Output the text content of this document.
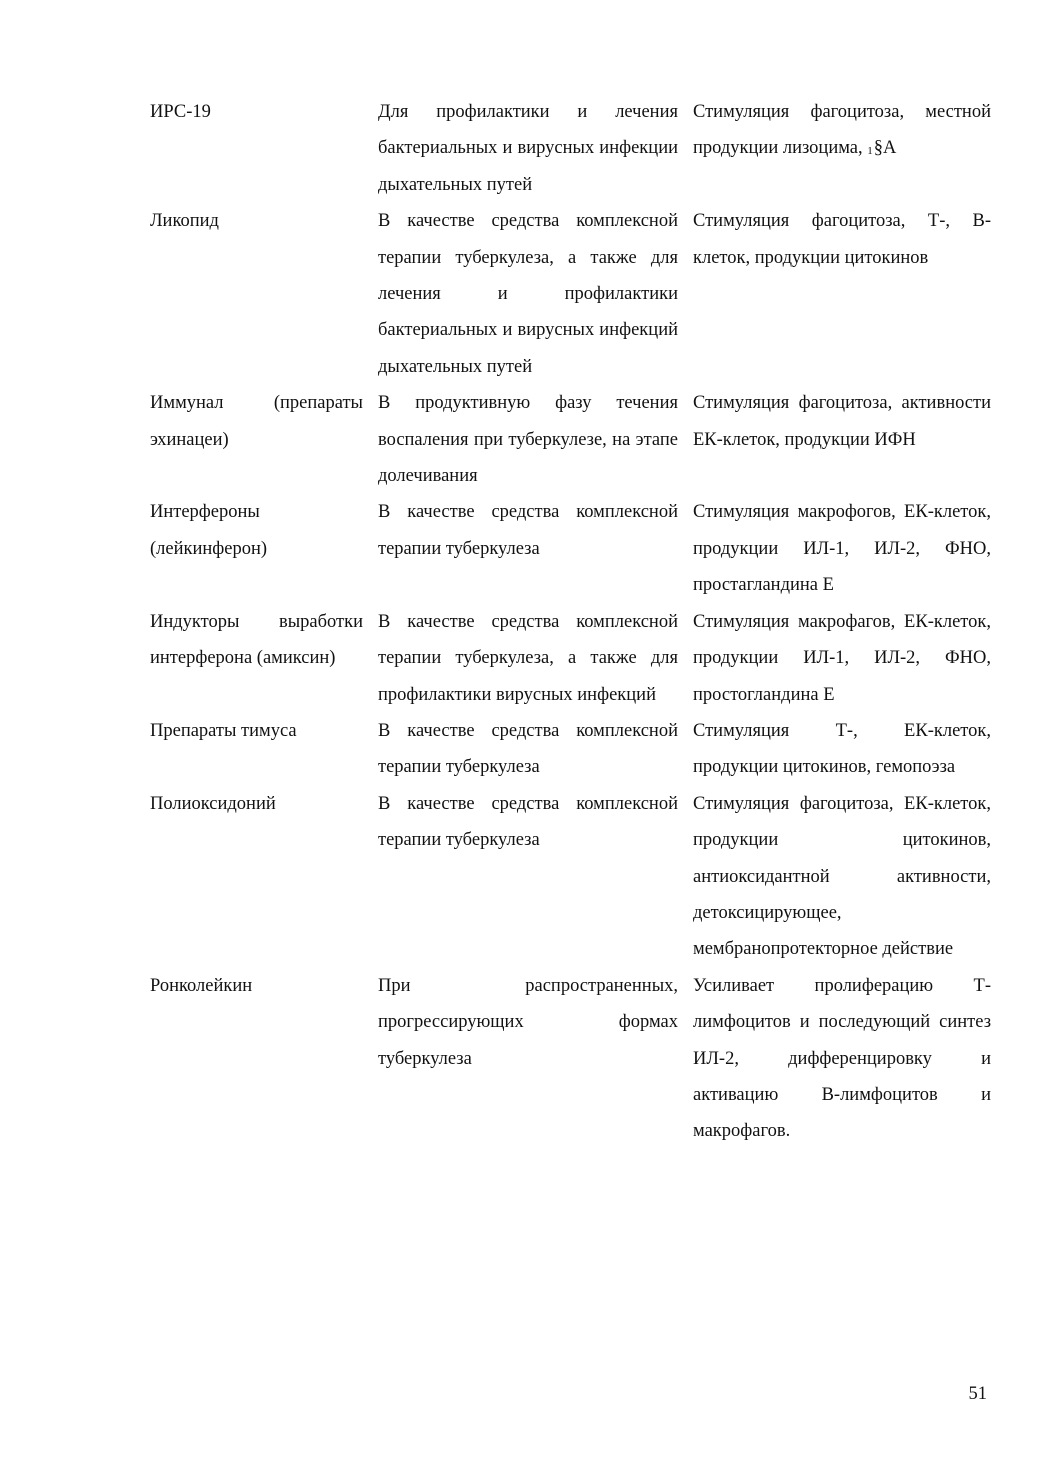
ИРС-19	Для профилактики и лечения бактериальных и вирусных инфекции дыхательных путей	Стимуляция фагоцитоза, местной продукции лизоцима, 1§А
Ликопид	В качестве средства комплексной терапии туберкулеза, а также для лечения и профилактики бактериальных и вирусных инфекций дыхательных путей	Стимуляция фагоцитоза, Т-, В-клеток, продукции цитокинов
Иммунал (препараты эхинацеи)	В продуктивную фазу течения воспаления при туберкулезе, на этапе долечивания	Стимуляция фагоцитоза, активности ЕК-клеток, продукции ИФН
Интерфероны (лейкинферон)	В качестве средства комплексной терапии туберкулеза	Стимуляция макрофогов, ЕК-клеток, продукции ИЛ-1, ИЛ-2, ФНО, простагландина Е
Индукторы выработки интерферона (амиксин)	В качестве средства комплексной терапии туберкулеза, а также для профилактики вирусных инфекций	Стимуляция макрофагов, ЕК-клеток, продукции ИЛ-1, ИЛ-2, ФНО, простогландина Е
Препараты тимуса	В качестве средства комплексной терапии туберкулеза	Стимуляция Т-, ЕК-клеток, продукции цитокинов, гемопоэза
Полиоксидоний	В качестве средства комплексной терапии туберкулеза	Стимуляция фагоцитоза, ЕК-клеток, продукции цитокинов, антиоксидантной активности, детоксицирующее, мембранопротекторное действие
Ронколейкин	При распространенных, прогрессирующих формах туберкулеза	Усиливает пролиферацию Т-лимфоцитов и последующий синтез ИЛ-2, дифференцировку и активацию В-лимфоцитов и макрофагов.
51
